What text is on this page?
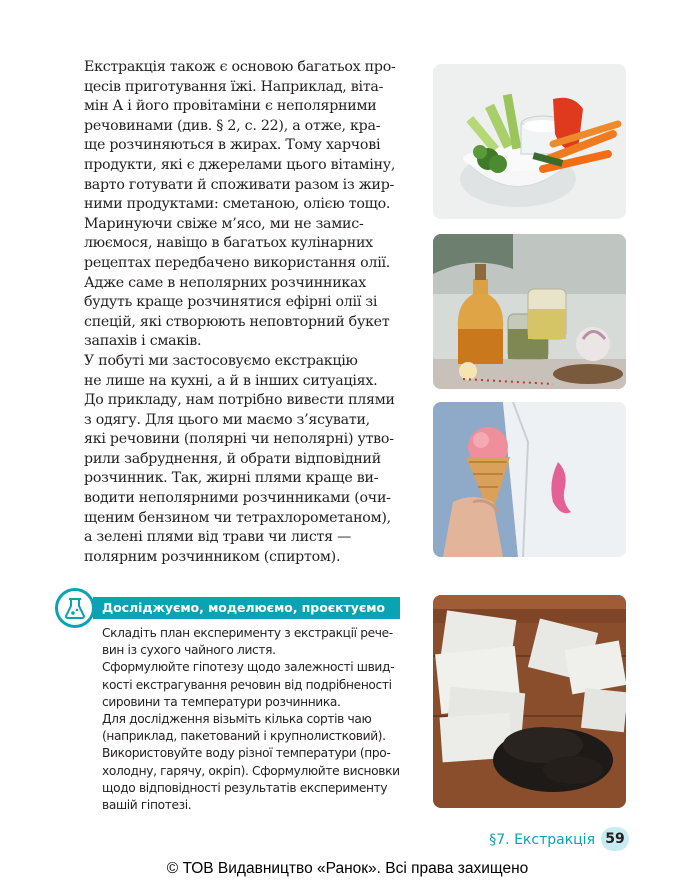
Екстракція також є основою багатьох про-
цесів приготування їжі. Наприклад, віта-
мін А і його провітаміни є неполярними
речовинами (див. § 2, с. 22), а отже, кра-
ще розчиняються в жирах. Тому харчові
продукти, які є джерелами цього вітаміну,
варто готувати й споживати разом із жир-
ними продуктами: сметаною, олією тощо.

Маринуючи свіже м’ясо, ми не замис-
люємося, навіщо в багатьох кулінарних
рецептах передбачено використання олії.
Адже саме в неполярних розчинниках
будуть краще розчинятися ефірні олії зі
спецій, які створюють неповторний букет
запахів і смаків.

У побуті ми застосовуємо екстракцію
не лише на кухні, а й в інших ситуаціях.
До прикладу, нам потрібно вивести плями
з одягу. Для цього ми маємо з’ясувати,
які речовини (полярні чи неполярні) утво-
рили забруднення, й обрати відповідний
розчинник. Так, жирні плями краще ви-
водити неполярними розчинниками (очи-
щеним бензином чи тетрахлорометаном),
а зелені плями від трави чи листя —
полярним розчинником (спиртом).

Досліджуємо, моделюємо, проєктуємо
Складіть план експерименту з екстракції рече-
вин із сухого чайного листя.
Сформулюйте гіпотезу щодо залежності швид-
кості екстрагування речовин від подрібненості
сировини та температури розчинника.
Для дослідження візьміть кілька сортів чаю
(наприклад, пакетований і крупнолистковий).
Використовуйте воду різної температури (про-
холодну, гарячу, окріп). Сформулюйте висновки
щодо відповідності результатів експерименту
вашій гіпотезі.
§7. Екстракція 59
© ТОВ Видавництво «Ранок». Всі права захищено
